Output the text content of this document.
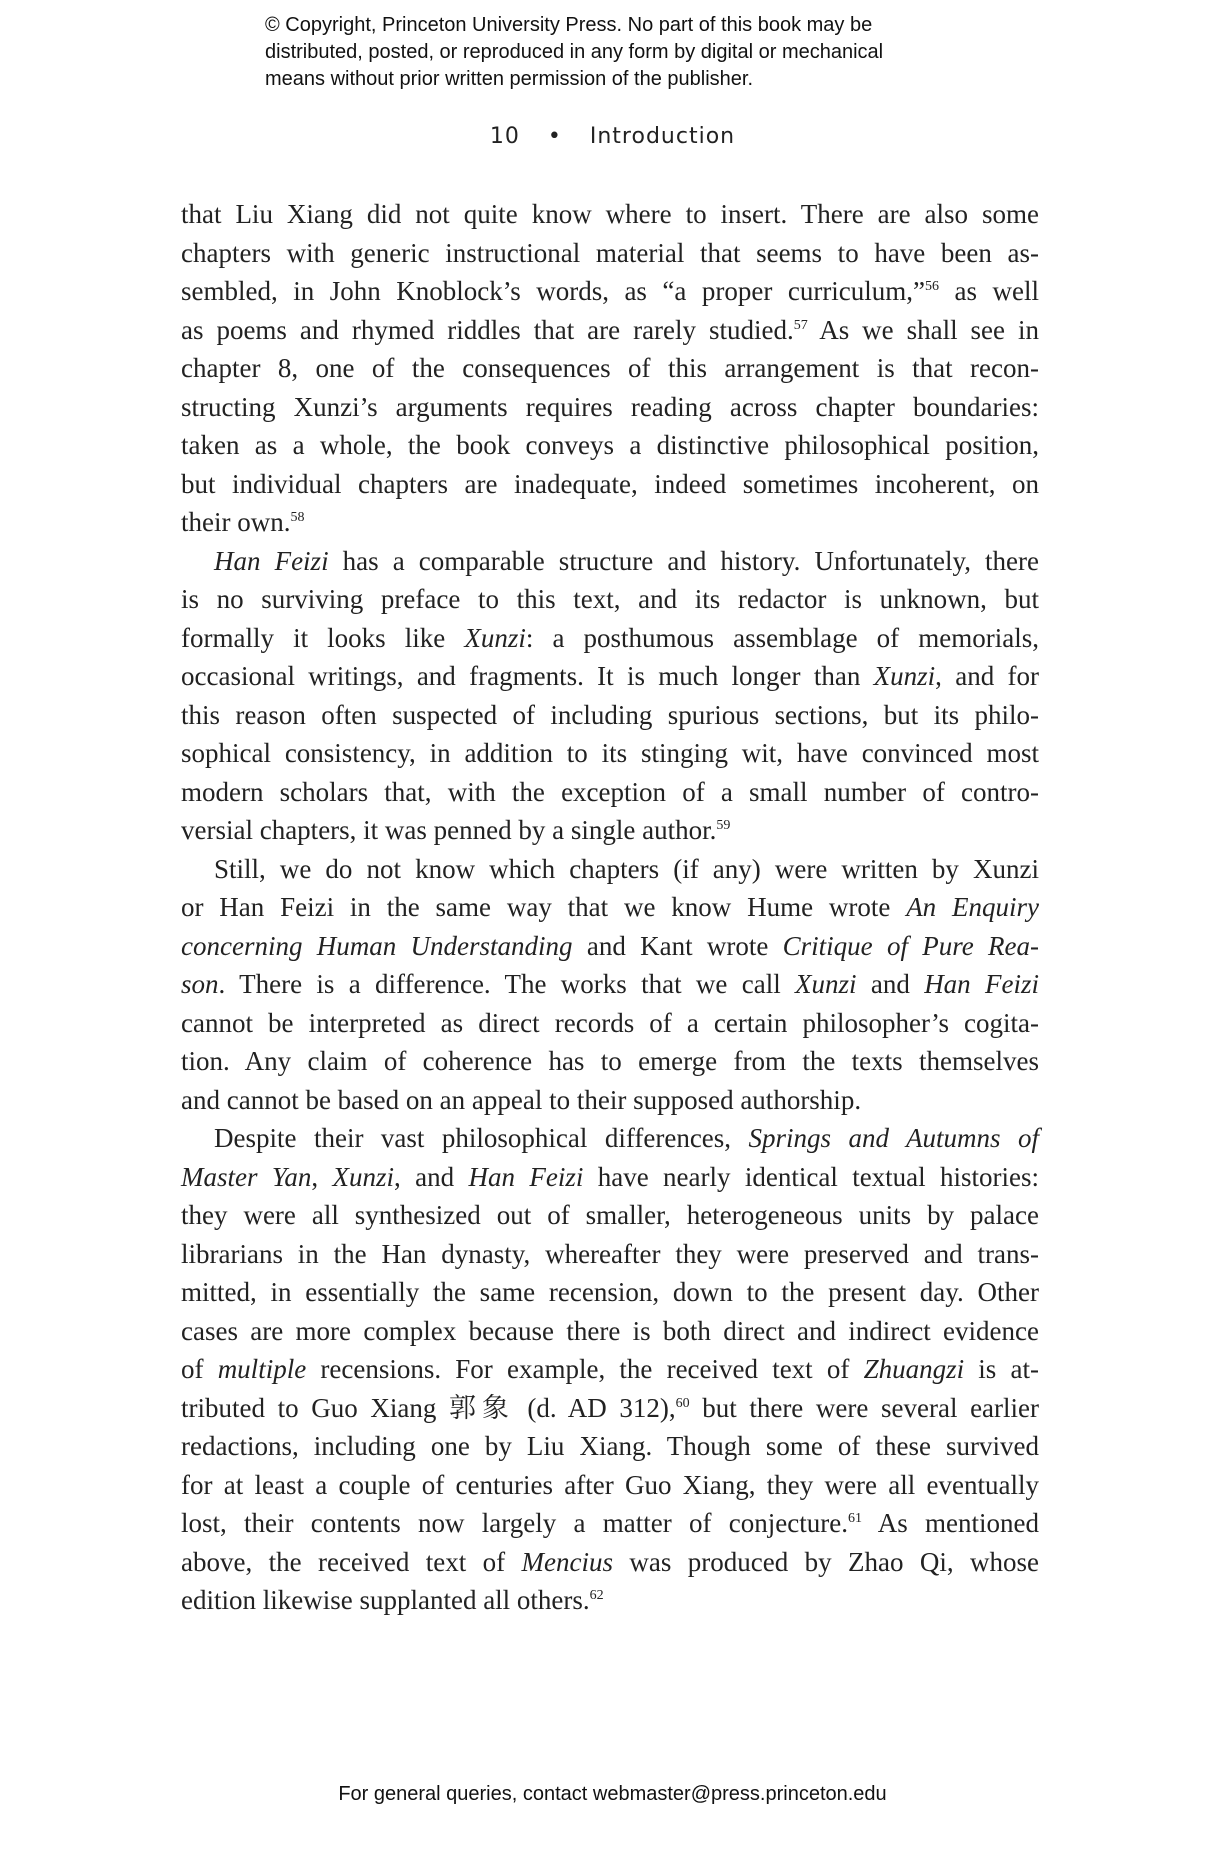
© Copyright, Princeton University Press. No part of this book may be
distributed, posted, or reproduced in any form by digital or mechanical
means without prior written permission of the publisher.
10 • Introduction
that Liu Xiang did not quite know where to insert. There are also some
chapters with generic instructional material that seems to have been as-
sembled, in John Knoblock’s words, as “a proper curriculum,”$^{56}$ as well
as poems and rhymed riddles that are rarely studied.$^{57}$ As we shall see in
chapter 8, one of the consequences of this arrangement is that recon-
structing Xunzi’s arguments requires reading across chapter boundaries:
taken as a whole, the book conveys a distinctive philosophical position,
but individual chapters are inadequate, indeed sometimes incoherent, on
their own.$^{58}$
Han Feizi has a comparable structure and history. Unfortunately, there
is no surviving preface to this text, and its redactor is unknown, but
formally it looks like Xunzi: a posthumous assemblage of memorials,
occasional writings, and fragments. It is much longer than Xunzi, and for
this reason often suspected of including spurious sections, but its philo-
sophical consistency, in addition to its stinging wit, have convinced most
modern scholars that, with the exception of a small number of contro-
versial chapters, it was penned by a single author.$^{59}$
Still, we do not know which chapters (if any) were written by Xunzi
or Han Feizi in the same way that we know Hume wrote An Enquiry
concerning Human Understanding and Kant wrote Critique of Pure Rea-
son. There is a difference. The works that we call Xunzi and Han Feizi
cannot be interpreted as direct records of a certain philosopher’s cogita-
tion. Any claim of coherence has to emerge from the texts themselves
and cannot be based on an appeal to their supposed authorship.
Despite their vast philosophical differences, Springs and Autumns of
Master Yan, Xunzi, and Han Feizi have nearly identical textual histories:
they were all synthesized out of smaller, heterogeneous units by palace
librarians in the Han dynasty, whereafter they were preserved and trans-
mitted, in essentially the same recension, down to the present day. Other
cases are more complex because there is both direct and indirect evidence
of multiple recensions. For example, the received text of Zhuangzi is at-
tributed to Guo Xiang 郭象 (d. AD 312),$^{60}$ but there were several earlier
redactions, including one by Liu Xiang. Though some of these survived
for at least a couple of centuries after Guo Xiang, they were all eventually
lost, their contents now largely a matter of conjecture.$^{61}$ As mentioned
above, the received text of Mencius was produced by Zhao Qi, whose
edition likewise supplanted all others.$^{62}$
For general queries, contact webmaster@press.princeton.edu
